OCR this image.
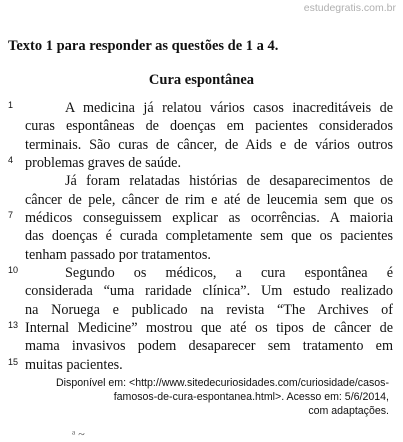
estudegratis.com.br
Texto 1 para responder as questões de 1 a 4.
Cura espontânea
1	A medicina já relatou vários casos inacreditáveis de
curas espontâneas de doenças em pacientes considerados
terminais. São curas de câncer, de Aids e de vários outros
4 problemas graves de saúde.
Já foram relatadas histórias de desaparecimentos de
câncer de pele, câncer de rim e até de leucemia sem que os
7 médicos conseguissem explicar as ocorrências. A maioria
das doenças é curada completamente sem que os pacientes
tenham passado por tratamentos.
10	Segundo os médicos, a cura espontânea é
considerada “uma raridade clínica”. Um estudo realizado
na Noruega e publicado na revista “The Archives of
13 Internal Medicine” mostrou que até os tipos de câncer de
mama invasivos podem desaparecer sem tratamento em
15 muitas pacientes.
Disponível em: <http://www.sitedecuriosidades.com/curiosidade/casos-
famosos-de-cura-espontanea.html>. Acesso em: 5/6/2014,
com adaptações.
ᵃ ~
